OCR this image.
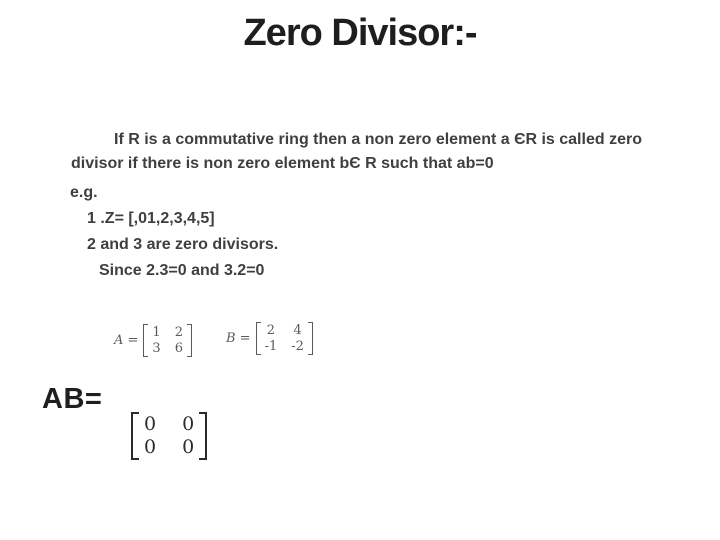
Zero Divisor:-
If R is a commutative ring then a non zero element a ЄR is called zero
divisor if there is non zero element bЄ R such that ab=0
e.g.
1 .Z= [,01,2,3,4,5]
2 and 3 are zero divisors.
Since 2.3=0 and 3.2=0
A =
1 2
3 6
B =
2 4
-1 -2
AB=
0 0
0 0
